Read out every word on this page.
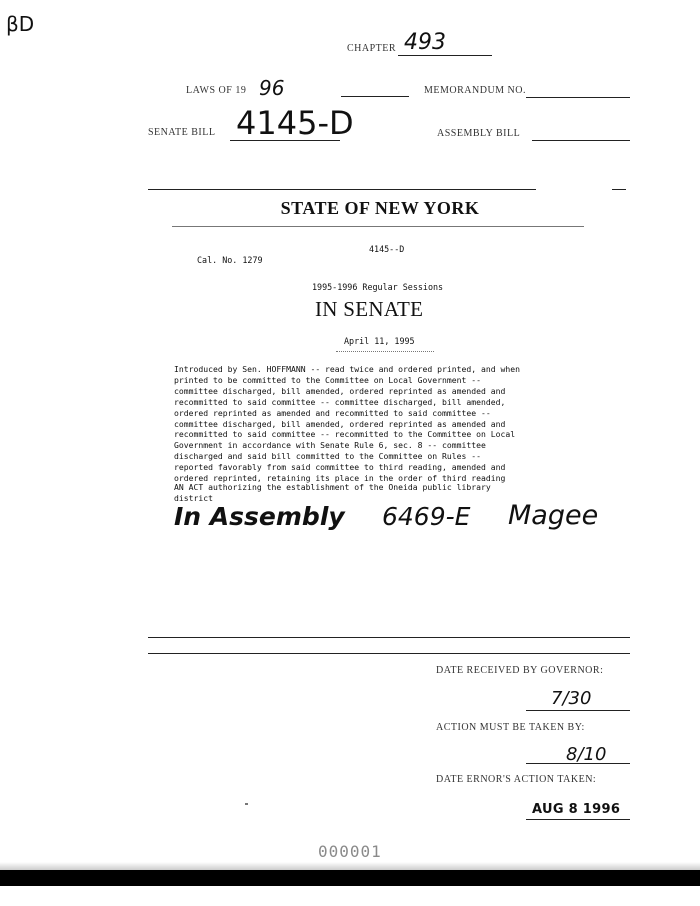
βD
CHAPTER 493
LAWS OF 19 96	MEMORANDUM NO.
SENATE BILL 4145-D	ASSEMBLY BILL
STATE OF NEW YORK
4145--D
Cal. No. 1279
1995-1996 Regular Sessions
IN SENATE
April 11, 1995
Introduced by Sen. HOFFMANN -- read twice and ordered printed, and when
printed to be committed to the Committee on Local Government --
committee discharged, bill amended, ordered reprinted as amended and
recommitted to said committee -- committee discharged, bill amended,
ordered reprinted as amended and recommitted to said committee --
committee discharged, bill amended, ordered reprinted as amended and
recommitted to said committee -- recommitted to the Committee on Local
Government in accordance with Senate Rule 6, sec. 8 -- committee
discharged and said bill committed to the Committee on Rules --
reported favorably from said committee to third reading, amended and
ordered reprinted, retaining its place in the order of third reading
AN ACT authorizing the establishment of the Oneida public library
district
In Assembly 6469-E Magee
DATE RECEIVED BY GOVERNOR:
7/30
ACTION MUST BE TAKEN BY:
8/10
DATE ERNOR'S ACTION TAKEN:
AUG 8 1996
000001
